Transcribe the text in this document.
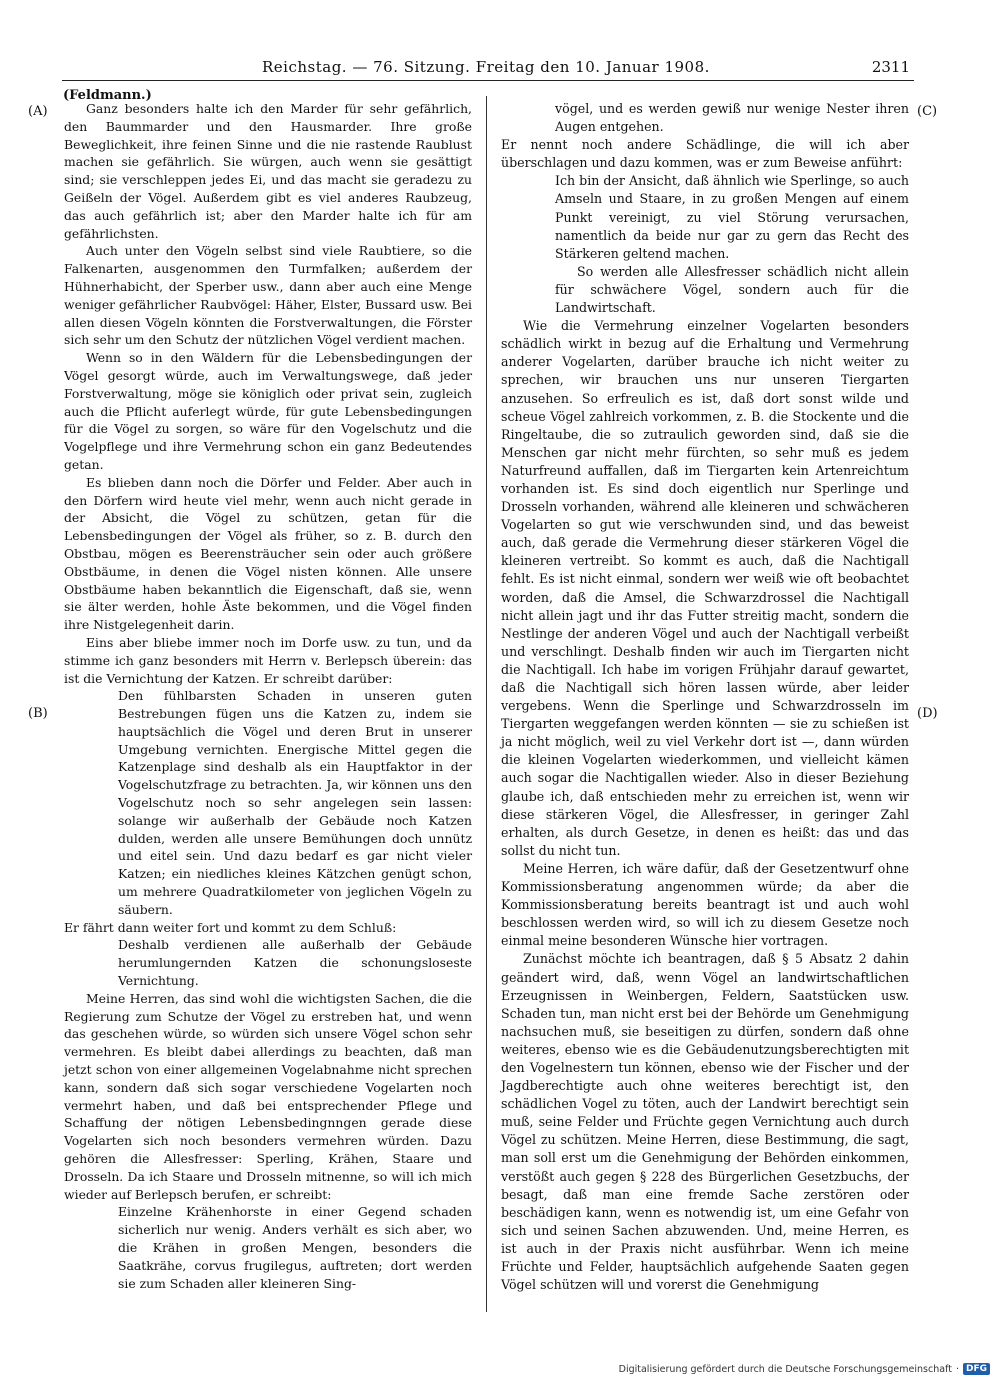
Reichstag. — 76. Sitzung. Freitag den 10. Januar 1908.	2311
(Feldmann.)
(A)
(B)
(C)
(D)

Ganz besonders halte ich den Marder für sehr gefährlich, den Baummarder und den Hausmarder. Ihre große Beweglichkeit, ihre feinen Sinne und die nie rastende Raublust machen sie gefährlich. Sie würgen, auch wenn sie gesättigt sind; sie verschleppen jedes Ei, und das macht sie geradezu zu Geißeln der Vögel. Außerdem gibt es viel anderes Raubzeug, das auch gefährlich ist; aber den Marder halte ich für am gefährlichsten.

Auch unter den Vögeln selbst sind viele Raubtiere, so die Falkenarten, ausgenommen den Turmfalken; außerdem der Hühnerhabicht, der Sperber usw., dann aber auch eine Menge weniger gefährlicher Raubvögel: Häher, Elster, Bussard usw. Bei allen diesen Vögeln könnten die Forstverwaltungen, die Förster sich sehr um den Schutz der nützlichen Vögel verdient machen.

Wenn so in den Wäldern für die Lebensbedingungen der Vögel gesorgt würde, auch im Verwaltungswege, daß jeder Forstverwaltung, möge sie königlich oder privat sein, zugleich auch die Pflicht auferlegt würde, für gute Lebensbedingungen für die Vögel zu sorgen, so wäre für den Vogelschutz und die Vogelpflege und ihre Vermehrung schon ein ganz Bedeutendes getan.

Es blieben dann noch die Dörfer und Felder. Aber auch in den Dörfern wird heute viel mehr, wenn auch nicht gerade in der Absicht, die Vögel zu schützen, getan für die Lebensbedingungen der Vögel als früher, so z. B. durch den Obstbau, mögen es Beerensträucher sein oder auch größere Obstbäume, in denen die Vögel nisten können. Alle unsere Obstbäume haben bekanntlich die Eigenschaft, daß sie, wenn sie älter werden, hohle Äste bekommen, und die Vögel finden ihre Nistgelegenheit darin.

Eins aber bliebe immer noch im Dorfe usw. zu tun, und da stimme ich ganz besonders mit Herrn v. Berlepsch überein: das ist die Vernichtung der Katzen. Er schreibt darüber:

Den fühlbarsten Schaden in unseren guten Bestrebungen fügen uns die Katzen zu, indem sie hauptsächlich die Vögel und deren Brut in unserer Umgebung vernichten. Energische Mittel gegen die Katzenplage sind deshalb als ein Hauptfaktor in der Vogelschutzfrage zu betrachten. Ja, wir können uns den Vogelschutz noch so sehr angelegen sein lassen: solange wir außerhalb der Gebäude noch Katzen dulden, werden alle unsere Bemühungen doch unnütz und eitel sein. Und dazu bedarf es gar nicht vieler Katzen; ein niedliches kleines Kätzchen genügt schon, um mehrere Quadratkilometer von jeglichen Vögeln zu säubern.

Er fährt dann weiter fort und kommt zu dem Schluß:

Deshalb verdienen alle außerhalb der Gebäude herumlungernden Katzen die schonungsloseste Vernichtung.

Meine Herren, das sind wohl die wichtigsten Sachen, die die Regierung zum Schutze der Vögel zu erstreben hat, und wenn das geschehen würde, so würden sich unsere Vögel schon sehr vermehren. Es bleibt dabei allerdings zu beachten, daß man jetzt schon von einer allgemeinen Vogelabnahme nicht sprechen kann, sondern daß sich sogar verschiedene Vogelarten noch vermehrt haben, und daß bei entsprechender Pflege und Schaffung der nötigen Lebensbedingnngen gerade diese Vogelarten sich noch besonders vermehren würden. Dazu gehören die Allesfresser: Sperling, Krähen, Staare und Drosseln. Da ich Staare und Drosseln mitnenne, so will ich mich wieder auf Berlepsch berufen, er schreibt:

Einzelne Krähenhorste in einer Gegend schaden sicherlich nur wenig. Anders verhält es sich aber, wo die Krähen in großen Mengen, besonders die Saatkrähe, corvus frugilegus, auftreten; dort werden sie zum Schaden aller kleineren Sing-

vögel, und es werden gewiß nur wenige Nester ihren Augen entgehen.

Er nennt noch andere Schädlinge, die will ich aber überschlagen und dazu kommen, was er zum Beweise anführt:

Ich bin der Ansicht, daß ähnlich wie Sperlinge, so auch Amseln und Staare, in zu großen Mengen auf einem Punkt vereinigt, zu viel Störung verursachen, namentlich da beide nur gar zu gern das Recht des Stärkeren geltend machen.

So werden alle Allesfresser schädlich nicht allein für schwächere Vögel, sondern auch für die Landwirtschaft.

Wie die Vermehrung einzelner Vogelarten besonders schädlich wirkt in bezug auf die Erhaltung und Vermehrung anderer Vogelarten, darüber brauche ich nicht weiter zu sprechen, wir brauchen uns nur unseren Tiergarten anzusehen. So erfreulich es ist, daß dort sonst wilde und scheue Vögel zahlreich vorkommen, z. B. die Stockente und die Ringeltaube, die so zutraulich geworden sind, daß sie die Menschen gar nicht mehr fürchten, so sehr muß es jedem Naturfreund auffallen, daß im Tiergarten kein Artenreichtum vorhanden ist. Es sind doch eigentlich nur Sperlinge und Drosseln vorhanden, während alle kleineren und schwächeren Vogelarten so gut wie verschwunden sind, und das beweist auch, daß gerade die Vermehrung dieser stärkeren Vögel die kleineren vertreibt. So kommt es auch, daß die Nachtigall fehlt. Es ist nicht einmal, sondern wer weiß wie oft beobachtet worden, daß die Amsel, die Schwarzdrossel die Nachtigall nicht allein jagt und ihr das Futter streitig macht, sondern die Nestlinge der anderen Vögel und auch der Nachtigall verbeißt und verschlingt. Deshalb finden wir auch im Tiergarten nicht die Nachtigall. Ich habe im vorigen Frühjahr darauf gewartet, daß die Nachtigall sich hören lassen würde, aber leider vergebens. Wenn die Sperlinge und Schwarzdrosseln im Tiergarten weggefangen werden könnten — sie zu schießen ist ja nicht möglich, weil zu viel Verkehr dort ist —, dann würden die kleinen Vogelarten wiederkommen, und vielleicht kämen auch sogar die Nachtigallen wieder. Also in dieser Beziehung glaube ich, daß entschieden mehr zu erreichen ist, wenn wir diese stärkeren Vögel, die Allesfresser, in geringer Zahl erhalten, als durch Gesetze, in denen es heißt: das und das sollst du nicht tun.

Meine Herren, ich wäre dafür, daß der Gesetzentwurf ohne Kommissionsberatung angenommen würde; da aber die Kommissionsberatung bereits beantragt ist und auch wohl beschlossen werden wird, so will ich zu diesem Gesetze noch einmal meine besonderen Wünsche hier vortragen.

Zunächst möchte ich beantragen, daß § 5 Absatz 2 dahin geändert wird, daß, wenn Vögel an landwirtschaftlichen Erzeugnissen in Weinbergen, Feldern, Saatstücken usw. Schaden tun, man nicht erst bei der Behörde um Genehmigung nachsuchen muß, sie beseitigen zu dürfen, sondern daß ohne weiteres, ebenso wie es die Gebäudenutzungsberechtigten mit den Vogelnestern tun können, ebenso wie der Fischer und der Jagdberechtigte auch ohne weiteres berechtigt ist, den schädlichen Vogel zu töten, auch der Landwirt berechtigt sein muß, seine Felder und Früchte gegen Vernichtung auch durch Vögel zu schützen. Meine Herren, diese Bestimmung, die sagt, man soll erst um die Genehmigung der Behörden einkommen, verstößt auch gegen § 228 des Bürgerlichen Gesetzbuchs, der besagt, daß man eine fremde Sache zerstören oder beschädigen kann, wenn es notwendig ist, um eine Gefahr von sich und seinen Sachen abzuwenden. Und, meine Herren, es ist auch in der Praxis nicht ausführbar. Wenn ich meine Früchte und Felder, hauptsächlich aufgehende Saaten gegen Vögel schützen will und vorerst die Genehmigung

Digitalisierung gefördert durch die Deutsche Forschungsgemeinschaft · DFG
